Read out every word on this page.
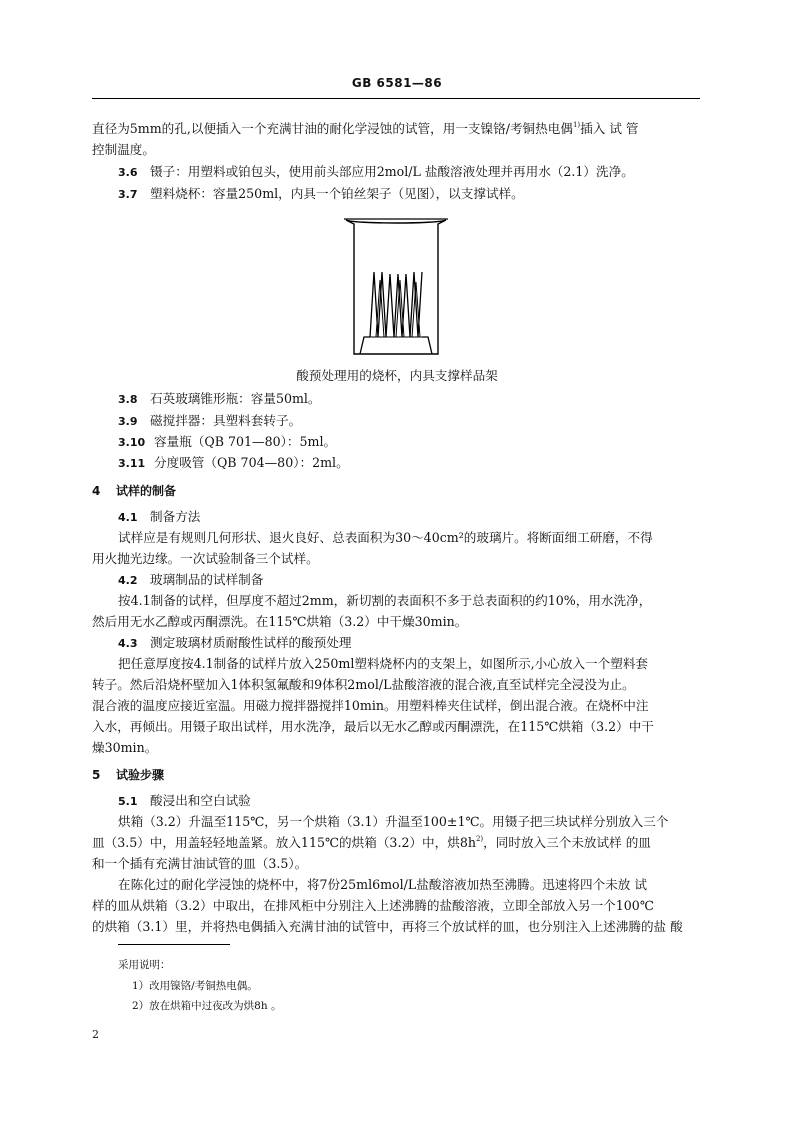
GB 6581—86
直径为5mm的孔,以便插入一个充满甘油的耐化学浸蚀的试管，用一支镍铬/考铜热电偶$^{1)}$插入 试 管
控制温度。
3.6 镊子：用塑料或铂包头，使用前头部应用2mol/L 盐酸溶液处理并再用水（2.1）洗净。
3.7 塑料烧杯：容量250ml，内具一个铂丝架子（见图），以支撑试样。
酸预处理用的烧杯，内具支撑样品架
3.8 石英玻璃锥形瓶：容量50ml。
3.9 磁搅拌器：具塑料套转子。
3.10 容量瓶（QB 701—80）：5ml。
3.11 分度吸管（QB 704—80）：2ml。
4 试样的制备
4.1 制备方法
试样应是有规则几何形状、退火良好、总表面积为30～40cm²的玻璃片。将断面细工研磨，不得
用火抛光边缘。一次试验制备三个试样。
4.2 玻璃制品的试样制备
按4.1制备的试样，但厚度不超过2mm，新切割的表面积不多于总表面积的约10%，用水洗净，
然后用无水乙醇或丙酮漂洗。在115℃烘箱（3.2）中干燥30min。
4.3 测定玻璃材质耐酸性试样的酸预处理
把任意厚度按4.1制备的试样片放入250ml塑料烧杯内的支架上，如图所示,小心放入一个塑料套
转子。然后沿烧杯壁加入1体积氢氟酸和9体积2mol/L盐酸溶液的混合液,直至试样完全浸没为止。
混合液的温度应接近室温。用磁力搅拌器搅拌10min。用塑料棒夹住试样，倒出混合液。在烧杯中注
入水，再倾出。用镊子取出试样，用水洗净，最后以无水乙醇或丙酮漂洗，在115℃烘箱（3.2）中干
燥30min。
5 试验步骤
5.1 酸浸出和空白试验
烘箱（3.2）升温至115℃，另一个烘箱（3.1）升温至100±1℃。用镊子把三块试样分别放入三个
皿（3.5）中，用盖轻轻地盖紧。放入115℃的烘箱（3.2）中，烘$8h^{2)}$，同时放入三个未放试样 的皿
和一个插有充满甘油试管的皿（3.5）。
在陈化过的耐化学浸蚀的烧杯中，将7份25ml6mol/L盐酸溶液加热至沸腾。迅速将四个未放 试
样的皿从烘箱（3.2）中取出，在排风柜中分别注入上述沸腾的盐酸溶液，立即全部放入另一个100℃
的烘箱（3.1）里，并将热电偶插入充满甘油的试管中，再将三个放试样的皿，也分别注入上述沸腾的盐 酸
采用说明：
1）改用镍铬/考铜热电偶。
2）放在烘箱中过夜改为烘8h 。
2
